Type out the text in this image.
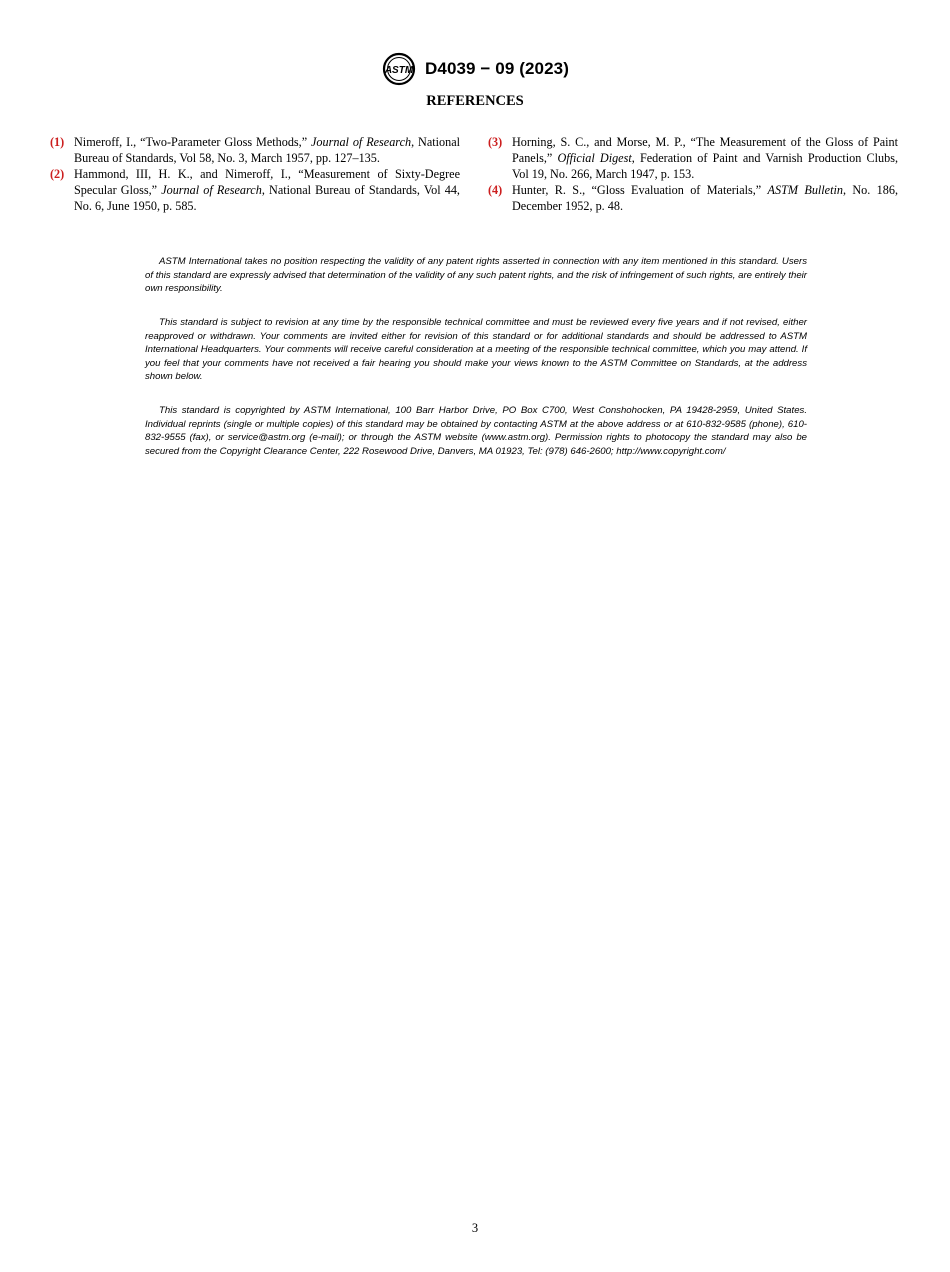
ASTM D4039 − 09 (2023)
REFERENCES
(1) Nimeroff, I., “Two-Parameter Gloss Methods,” Journal of Research, National Bureau of Standards, Vol 58, No. 3, March 1957, pp. 127–135.
(2) Hammond, III, H. K., and Nimeroff, I., “Measurement of Sixty-Degree Specular Gloss,” Journal of Research, National Bureau of Standards, Vol 44, No. 6, June 1950, p. 585.
(3) Horning, S. C., and Morse, M. P., “The Measurement of the Gloss of Paint Panels,” Official Digest, Federation of Paint and Varnish Production Clubs, Vol 19, No. 266, March 1947, p. 153.
(4) Hunter, R. S., “Gloss Evaluation of Materials,” ASTM Bulletin, No. 186, December 1952, p. 48.
ASTM International takes no position respecting the validity of any patent rights asserted in connection with any item mentioned in this standard. Users of this standard are expressly advised that determination of the validity of any such patent rights, and the risk of infringement of such rights, are entirely their own responsibility.
This standard is subject to revision at any time by the responsible technical committee and must be reviewed every five years and if not revised, either reapproved or withdrawn. Your comments are invited either for revision of this standard or for additional standards and should be addressed to ASTM International Headquarters. Your comments will receive careful consideration at a meeting of the responsible technical committee, which you may attend. If you feel that your comments have not received a fair hearing you should make your views known to the ASTM Committee on Standards, at the address shown below.
This standard is copyrighted by ASTM International, 100 Barr Harbor Drive, PO Box C700, West Conshohocken, PA 19428-2959, United States. Individual reprints (single or multiple copies) of this standard may be obtained by contacting ASTM at the above address or at 610-832-9585 (phone), 610-832-9555 (fax), or service@astm.org (e-mail); or through the ASTM website (www.astm.org). Permission rights to photocopy the standard may also be secured from the Copyright Clearance Center, 222 Rosewood Drive, Danvers, MA 01923, Tel: (978) 646-2600; http://www.copyright.com/
3
